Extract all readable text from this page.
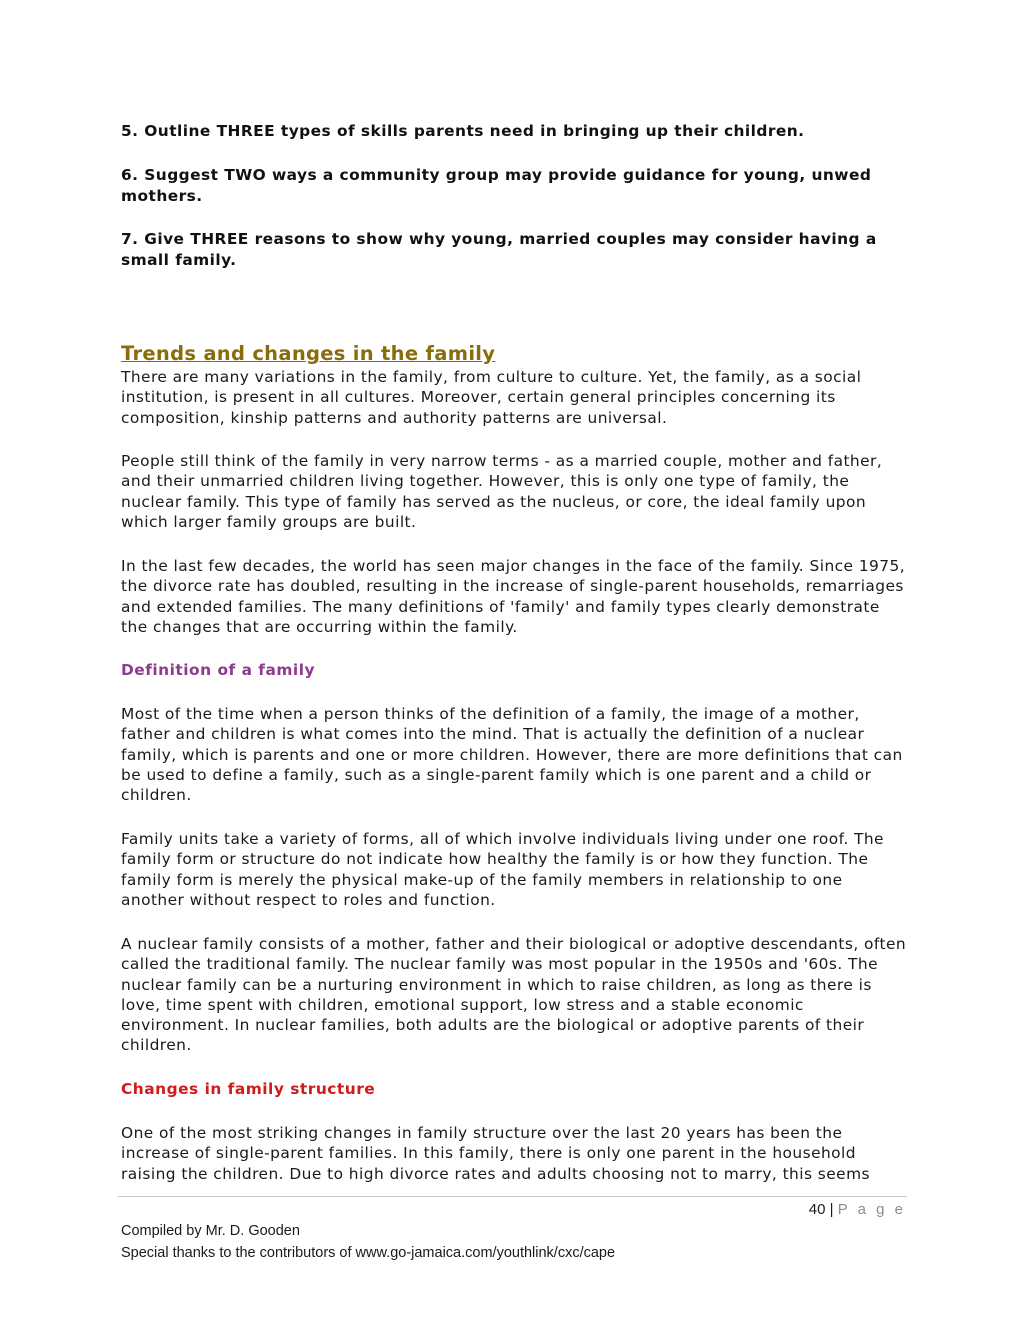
5. Outline THREE types of skills parents need in bringing up their children.

6. Suggest TWO ways a community group may provide guidance for young, unwed mothers.

7. Give THREE reasons to show why young, married couples may consider having a small family.

Trends and changes in the family

There are many variations in the family, from culture to culture. Yet, the family, as a social institution, is present in all cultures. Moreover, certain general principles concerning its composition, kinship patterns and authority patterns are universal.

People still think of the family in very narrow terms - as a married couple, mother and father, and their unmarried children living together. However, this is only one type of family, the nuclear family. This type of family has served as the nucleus, or core, the ideal family upon which larger family groups are built.

In the last few decades, the world has seen major changes in the face of the family. Since 1975, the divorce rate has doubled, resulting in the increase of single-parent households, remarriages and extended families. The many definitions of 'family' and family types clearly demonstrate the changes that are occurring within the family.

Definition of a family

Most of the time when a person thinks of the definition of a family, the image of a mother, father and children is what comes into the mind. That is actually the definition of a nuclear family, which is parents and one or more children. However, there are more definitions that can be used to define a family, such as a single-parent family which is one parent and a child or children.

Family units take a variety of forms, all of which involve individuals living under one roof. The family form or structure do not indicate how healthy the family is or how they function. The family form is merely the physical make-up of the family members in relationship to one another without respect to roles and function.

A nuclear family consists of a mother, father and their biological or adoptive descendants, often called the traditional family. The nuclear family was most popular in the 1950s and '60s. The nuclear family can be a nurturing environment in which to raise children, as long as there is love, time spent with children, emotional support, low stress and a stable economic environment. In nuclear families, both adults are the biological or adoptive parents of their children.

Changes in family structure

One of the most striking changes in family structure over the last 20 years has been the increase of single-parent families. In this family, there is only one parent in the household raising the children. Due to high divorce rates and adults choosing not to marry, this seems

40 | P a g e

Compiled by Mr. D. Gooden

Special thanks to the contributors of www.go-jamaica.com/youthlink/cxc/cape
